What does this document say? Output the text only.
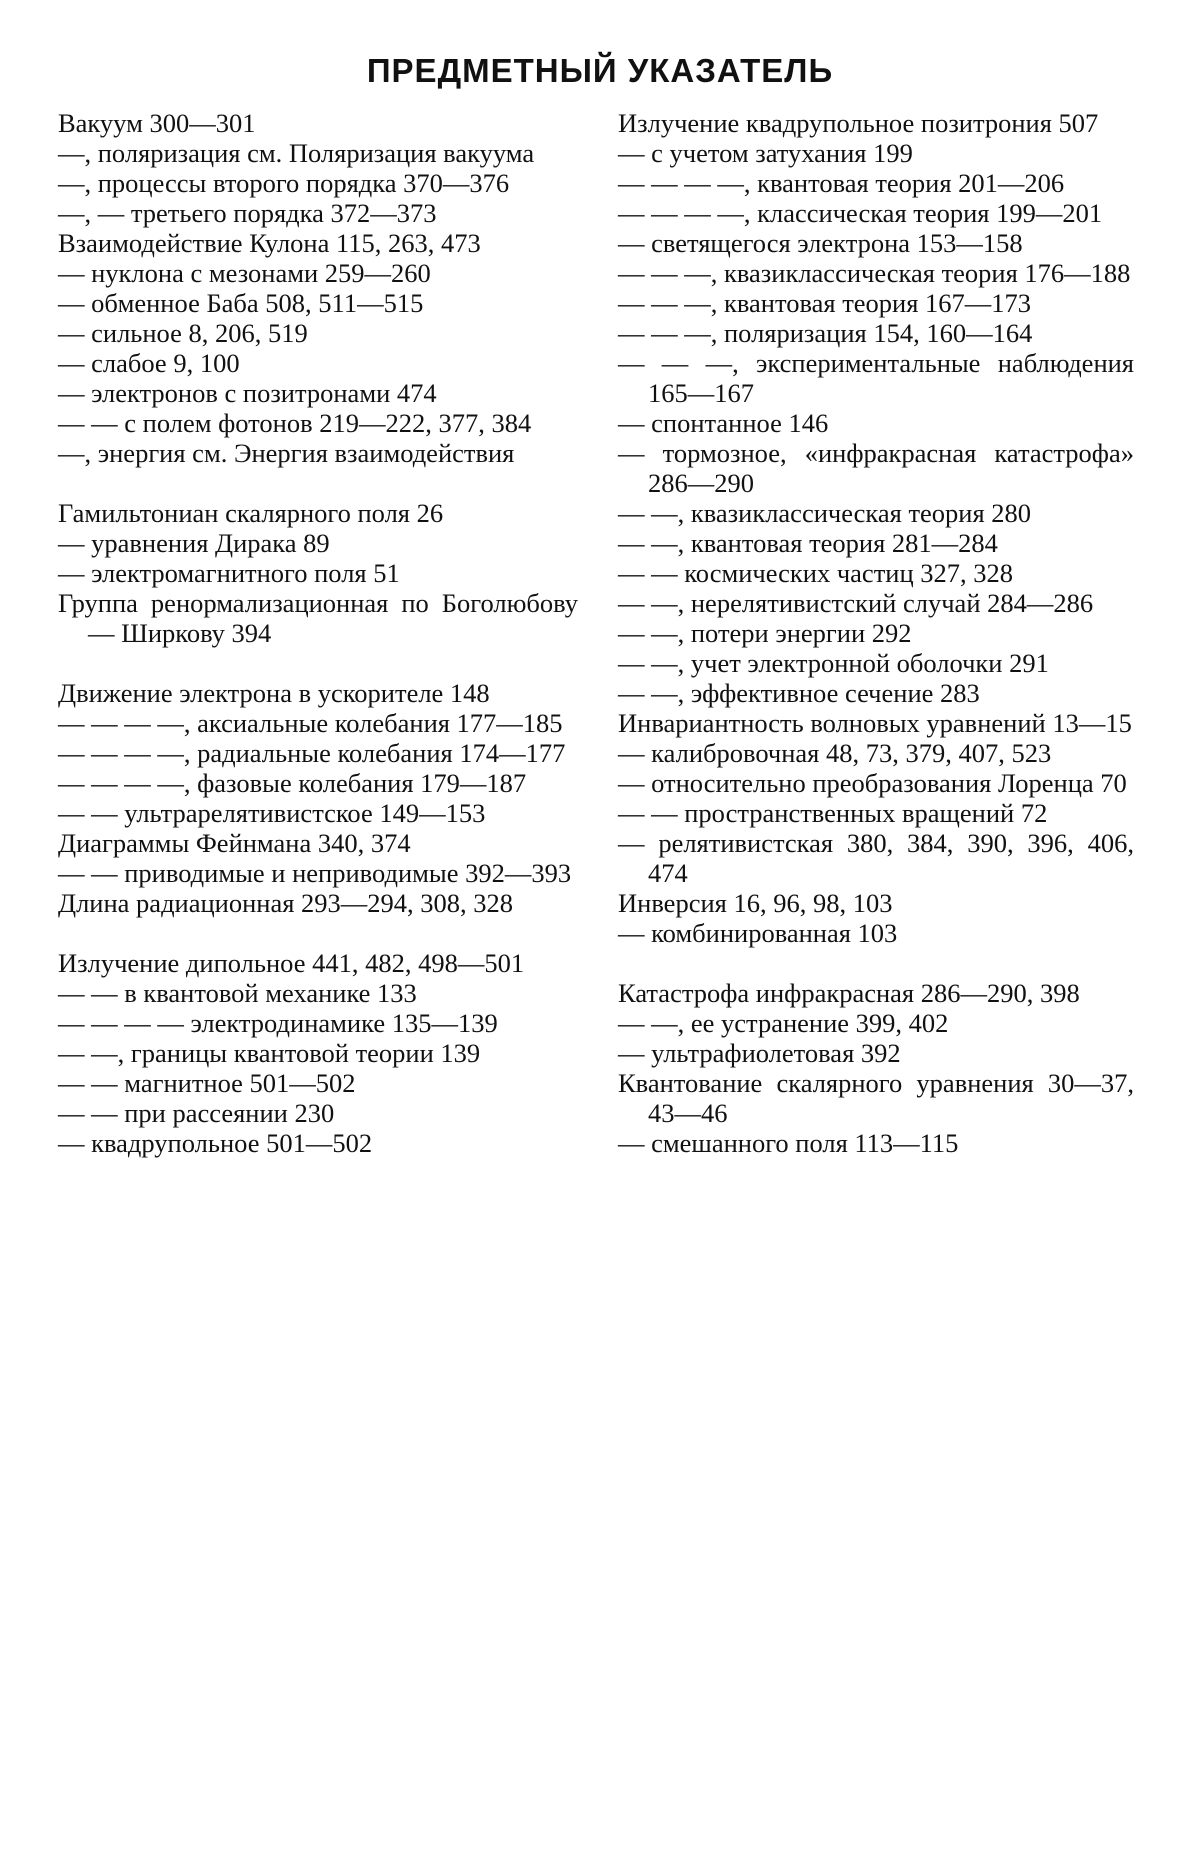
ПРЕДМЕТНЫЙ УКАЗАТЕЛЬ
Вакуум 300—301
—, поляризация см. Поляризация вакуума
—, процессы второго порядка 370—376
—, — третьего порядка 372—373
Взаимодействие Кулона 115, 263, 473
— нуклона с мезонами 259—260
— обменное Баба 508, 511—515
— сильное 8, 206, 519
— слабое 9, 100
— электронов с позитронами 474
— — с полем фотонов 219—222, 377, 384
—, энергия см. Энергия взаимодействия
Гамильтониан скалярного поля 26
— уравнения Дирака 89
— электромагнитного поля 51
Группа ренормализационная по Боголюбову — Ширкову 394
Движение электрона в ускорителе 148
— — — —, аксиальные колебания 177—185
— — — —, радиальные колебания 174—177
— — — —, фазовые колебания 179—187
— — ультрарелятивистское 149—153
Диаграммы Фейнмана 340, 374
— — приводимые и неприводимые 392—393
Длина радиационная 293—294, 308, 328
Излучение дипольное 441, 482, 498—501
— — в квантовой механике 133
— — — — электродинамике 135—139
— —, границы квантовой теории 139
— — магнитное 501—502
— — при рассеянии 230
— квадрупольное 501—502
Излучение квадрупольное позитрония 507
— с учетом затухания 199
— — — —, квантовая теория 201—206
— — — —, классическая теория 199—201
— светящегося электрона 153—158
— — —, квазиклассическая теория 176—188
— — —, квантовая теория 167—173
— — —, поляризация 154, 160—164
— — —, экспериментальные наблюдения 165—167
— спонтанное 146
— тормозное, «инфракрасная катастрофа» 286—290
— —, квазиклассическая теория 280
— —, квантовая теория 281—284
— — космических частиц 327, 328
— —, нерелятивистский случай 284—286
— —, потери энергии 292
— —, учет электронной оболочки 291
— —, эффективное сечение 283
Инвариантность волновых уравнений 13—15
— калибровочная 48, 73, 379, 407, 523
— относительно преобразования Лоренца 70
— — пространственных вращений 72
— релятивистская 380, 384, 390, 396, 406, 474
Инверсия 16, 96, 98, 103
— комбинированная 103
Катастрофа инфракрасная 286—290, 398
— —, ее устранение 399, 402
— ультрафиолетовая 392
Квантование скалярного уравнения 30—37, 43—46
— смешанного поля 113—115
